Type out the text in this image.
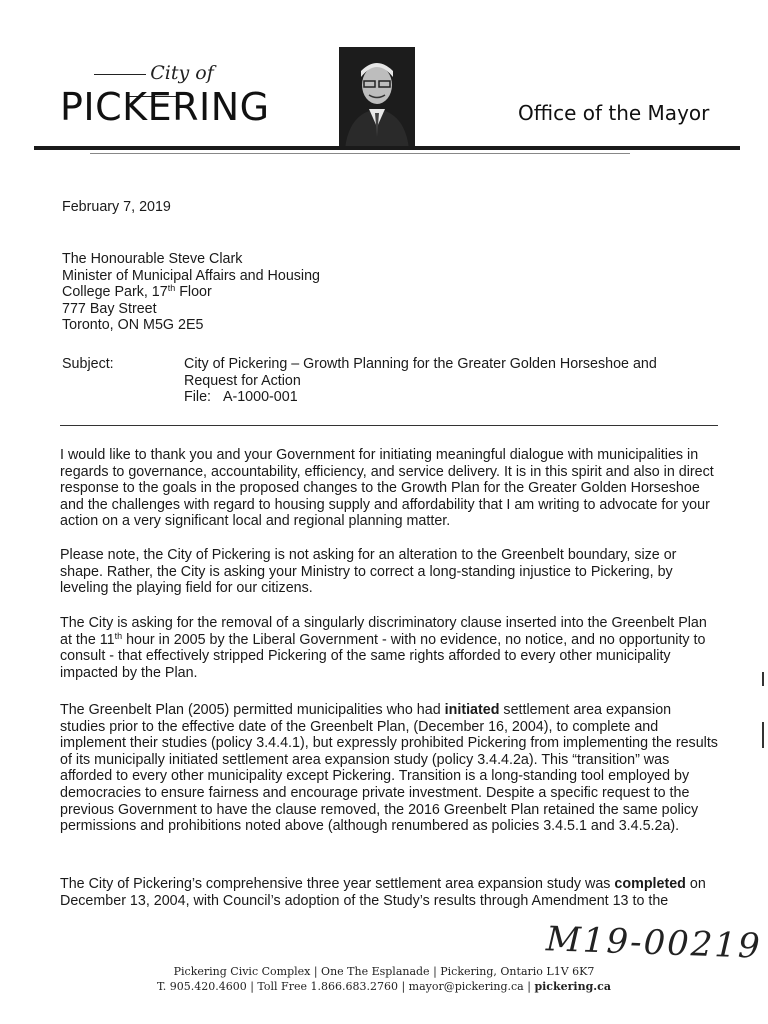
City of
PICKERING	Office of the Mayor
February 7, 2019
The Honourable Steve Clark
Minister of Municipal Affairs and Housing
College Park, 17th Floor
777 Bay Street
Toronto, ON M5G 2E5
Subject:	City of Pickering – Growth Planning for the Greater Golden Horseshoe and
Request for Action
File: A-1000-001
I would like to thank you and your Government for initiating meaningful dialogue with municipalities in regards to governance, accountability, efficiency, and service delivery. It is in this spirit and also in direct response to the goals in the proposed changes to the Growth Plan for the Greater Golden Horseshoe and the challenges with regard to housing supply and affordability that I am writing to advocate for your action on a very significant local and regional planning matter.
Please note, the City of Pickering is not asking for an alteration to the Greenbelt boundary, size or shape. Rather, the City is asking your Ministry to correct a long-standing injustice to Pickering, by leveling the playing field for our citizens.
The City is asking for the removal of a singularly discriminatory clause inserted into the Greenbelt Plan at the 11th hour in 2005 by the Liberal Government - with no evidence, no notice, and no opportunity to consult - that effectively stripped Pickering of the same rights afforded to every other municipality impacted by the Plan.
The Greenbelt Plan (2005) permitted municipalities who had initiated settlement area expansion studies prior to the effective date of the Greenbelt Plan, (December 16, 2004), to complete and implement their studies (policy 3.4.4.1), but expressly prohibited Pickering from implementing the results of its municipally initiated settlement area expansion study (policy 3.4.4.2a). This “transition” was afforded to every other municipality except Pickering. Transition is a long-standing tool employed by democracies to ensure fairness and encourage private investment. Despite a specific request to the previous Government to have the clause removed, the 2016 Greenbelt Plan retained the same policy permissions and prohibitions noted above (although renumbered as policies 3.4.5.1 and 3.4.5.2a).
The City of Pickering’s comprehensive three year settlement area expansion study was completed on December 13, 2004, with Council’s adoption of the Study’s results through Amendment 13 to the
M19-00219
Pickering Civic Complex | One The Esplanade | Pickering, Ontario L1V 6K7
T. 905.420.4600 | Toll Free 1.866.683.2760 | mayor@pickering.ca | pickering.ca
